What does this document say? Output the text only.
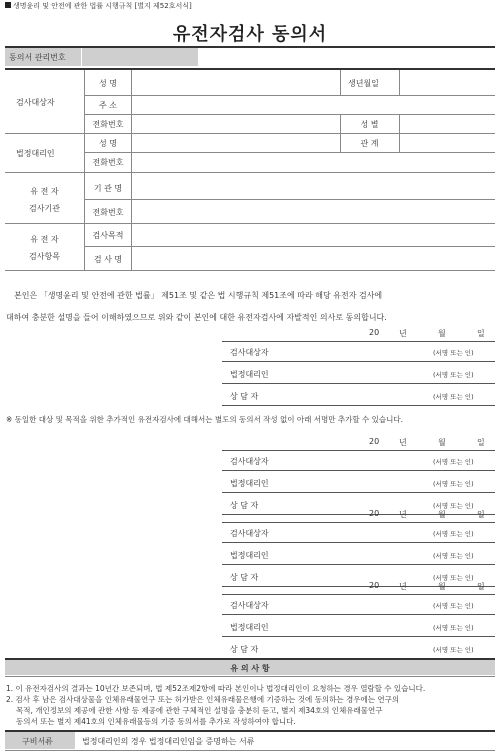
생명윤리 및 안전에 관한 법률 시행규칙 [별지 제52호서식]
유전자검사 동의서
동의서 관리번호
검사대상자
성 명	생년월일
주 소
전화번호	성 별
법정대리인
성 명	관 계
전화번호
유 전 자
검사기관
기 관 명
전화번호
유 전 자
검사항목
검사목적
검 사 명
본인은 「생명윤리 및 안전에 관한 법률」 제51조 및 같은 법 시행규칙 제51조에 따라 해당 유전자 검사에
대하여 충분한 설명을 들어 이해하였으므로 위와 같이 본인에 대한 유전자검사에 자발적인 의사로 동의합니다.
20 년	월	일
검사대상자	(서명 또는 인)
법정대리인	(서명 또는 인)
상 담 자	(서명 또는 인)
20 년	월	일
검사대상자	(서명 또는 인)
법정대리인	(서명 또는 인)
상 담 자	(서명 또는 인)
20 년	월	일
검사대상자	(서명 또는 인)
법정대리인	(서명 또는 인)
상 담 자	(서명 또는 인)
20 년	월	일
검사대상자	(서명 또는 인)
법정대리인	(서명 또는 인)
상 담 자	(서명 또는 인)
※ 동일한 대상 및 목적을 위한 추가적인 유전자검사에 대해서는 별도의 동의서 작성 없이 아래 서명만 추가할 수 있습니다.
유 의 사 항
1. 이 유전자검사의 결과는 10년간 보존되며, 법 제52조제2항에 따라 본인이나 법정대리인이 요청하는 경우 열람할 수 있습니다.
2. 검사 후 남은 검사대상물을 인체유래물연구 또는 허가받은 인체유래물은행에 기증하는 것에 동의하는 경우에는 연구의
목적, 개인정보의 제공에 관한 사항 등 제공에 관한 구체적인 설명을 충분히 듣고, 별지 제34호의 인체유래물연구
동의서 또는 별지 제41호의 인체유래물등의 기증 동의서를 추가로 작성하여야 합니다.
구비서류	법정대리인의 경우 법정대리인임을 증명하는 서류
